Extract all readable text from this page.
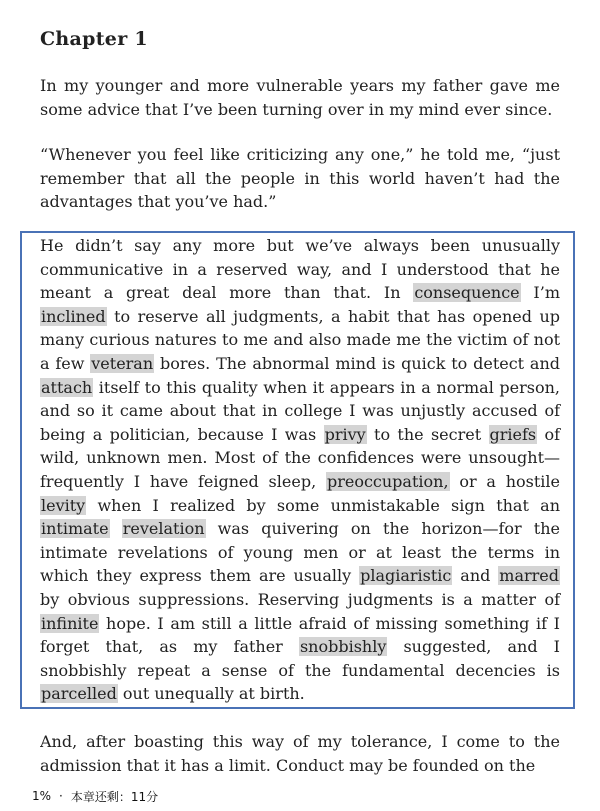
Chapter 1

In my younger and more vulnerable years my father gave me some advice that I’ve been turning over in my mind ever since.

“Whenever you feel like criticizing any one,” he told me, “just remember that all the people in this world haven’t had the advantages that you’ve had.”

He didn’t say any more but we’ve always been unusually communicative in a reserved way, and I understood that he meant a great deal more than that. In consequence I’m inclined to reserve all judgments, a habit that has opened up many curious natures to me and also made me the victim of not a few veteran bores. The abnormal mind is quick to detect and attach itself to this quality when it appears in a normal person, and so it came about that in college I was unjustly accused of being a politician, because I was privy to the secret griefs of wild, unknown men. Most of the confidences were unsought—frequently I have feigned sleep, preoccupation, or a hostile levity when I realized by some unmistakable sign that an intimate revelation was quivering on the horizon—for the intimate revelations of young men or at least the terms in which they express them are usually plagiaristic and marred by obvious suppressions. Reserving judgments is a matter of infinite hope. I am still a little afraid of missing something if I forget that, as my father snobbishly suggested, and I snobbishly repeat a sense of the fundamental decencies is parcelled out unequally at birth.

And, after boasting this way of my tolerance, I come to the admission that it has a limit. Conduct may be founded on the

1% · 本章还剩：11分
